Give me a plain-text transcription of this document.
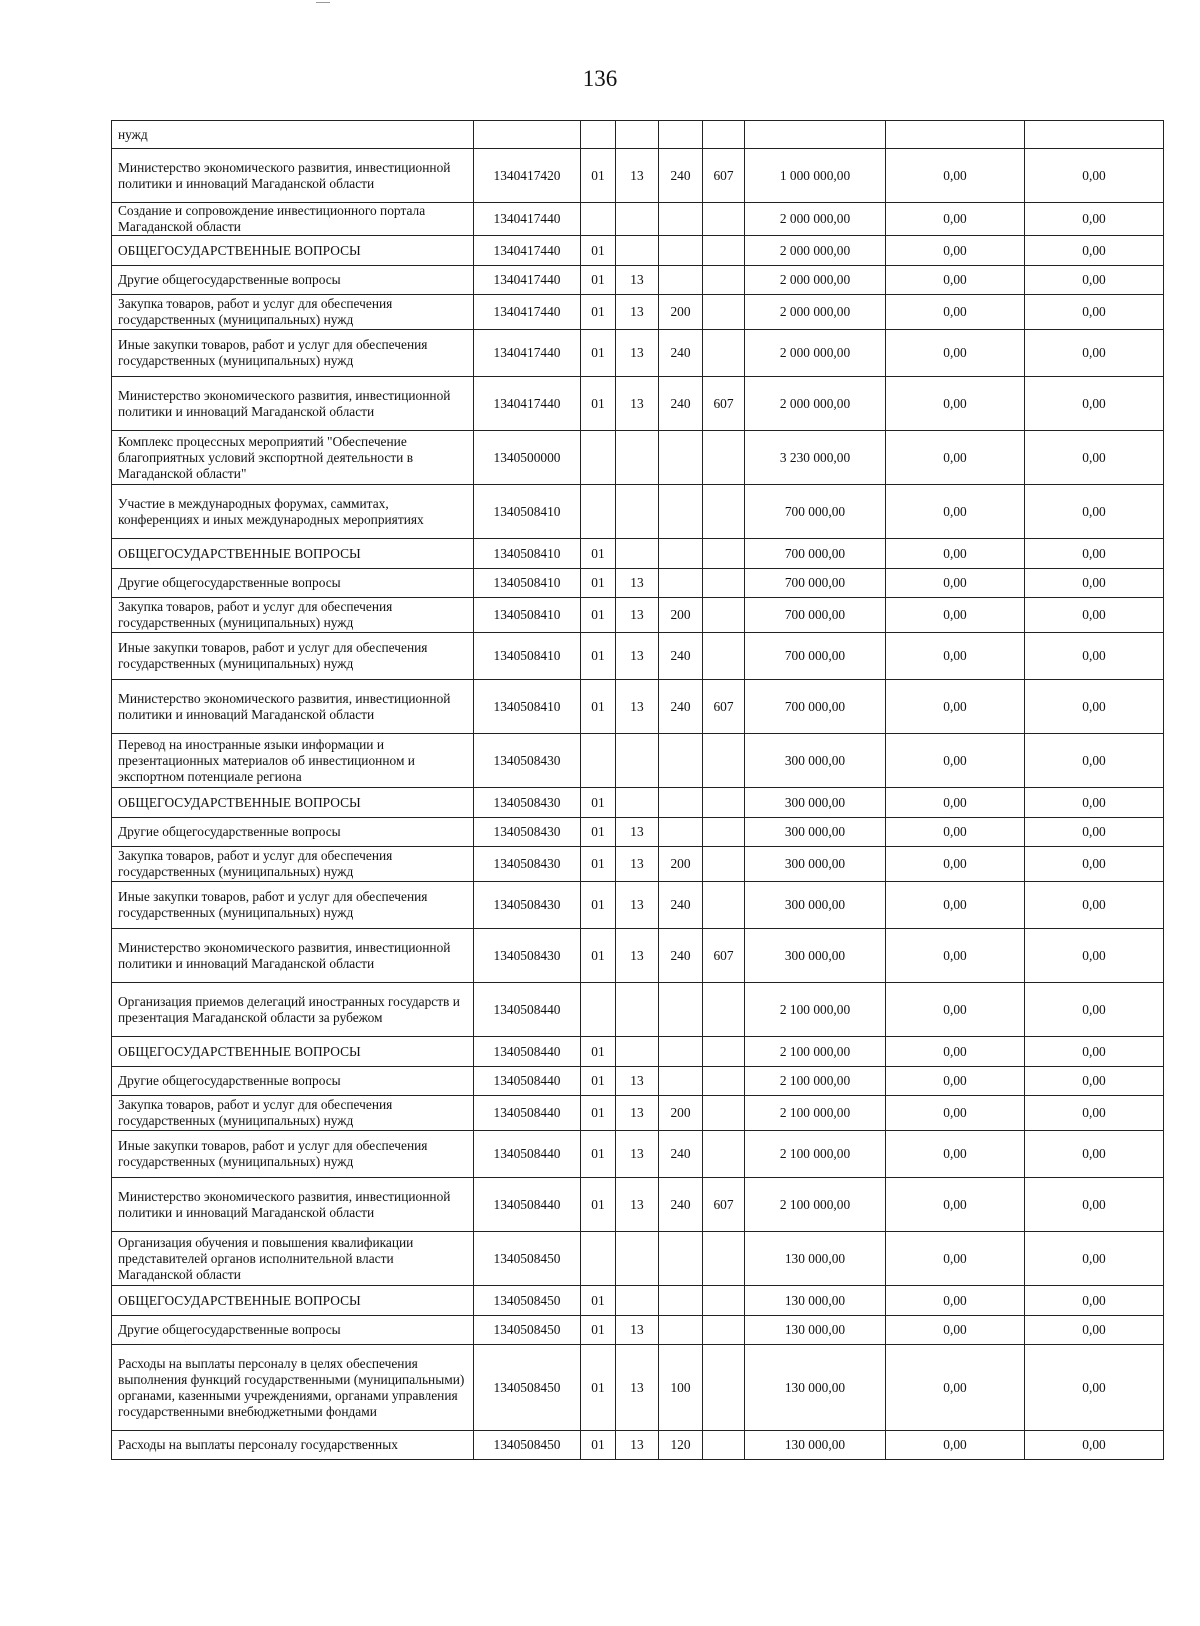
136
нужд								
Министерство экономического развития, инвестиционной политики и инноваций Магаданской области	1340417420	01	13	240	607	1 000 000,00	0,00	0,00
Создание и сопровождение инвестиционного портала Магаданской области	1340417440					2 000 000,00	0,00	0,00
ОБЩЕГОСУДАРСТВЕННЫЕ ВОПРОСЫ	1340417440	01				2 000 000,00	0,00	0,00
Другие общегосударственные вопросы	1340417440	01	13			2 000 000,00	0,00	0,00
Закупка товаров, работ и услуг для обеспечения государственных (муниципальных) нужд	1340417440	01	13	200		2 000 000,00	0,00	0,00
Иные закупки товаров, работ и услуг для обеспечения государственных (муниципальных) нужд	1340417440	01	13	240		2 000 000,00	0,00	0,00
Министерство экономического развития, инвестиционной политики и инноваций Магаданской области	1340417440	01	13	240	607	2 000 000,00	0,00	0,00
Комплекс процессных мероприятий "Обеспечение благоприятных условий экспортной деятельности в Магаданской области"	1340500000					3 230 000,00	0,00	0,00
Участие в международных форумах, саммитах, конференциях и иных международных мероприятиях	1340508410					700 000,00	0,00	0,00
ОБЩЕГОСУДАРСТВЕННЫЕ ВОПРОСЫ	1340508410	01				700 000,00	0,00	0,00
Другие общегосударственные вопросы	1340508410	01	13			700 000,00	0,00	0,00
Закупка товаров, работ и услуг для обеспечения государственных (муниципальных) нужд	1340508410	01	13	200		700 000,00	0,00	0,00
Иные закупки товаров, работ и услуг для обеспечения государственных (муниципальных) нужд	1340508410	01	13	240		700 000,00	0,00	0,00
Министерство экономического развития, инвестиционной политики и инноваций Магаданской области	1340508410	01	13	240	607	700 000,00	0,00	0,00
Перевод на иностранные языки информации и презентационных материалов об инвестиционном и экспортном потенциале региона	1340508430					300 000,00	0,00	0,00
ОБЩЕГОСУДАРСТВЕННЫЕ ВОПРОСЫ	1340508430	01				300 000,00	0,00	0,00
Другие общегосударственные вопросы	1340508430	01	13			300 000,00	0,00	0,00
Закупка товаров, работ и услуг для обеспечения государственных (муниципальных) нужд	1340508430	01	13	200		300 000,00	0,00	0,00
Иные закупки товаров, работ и услуг для обеспечения государственных (муниципальных) нужд	1340508430	01	13	240		300 000,00	0,00	0,00
Министерство экономического развития, инвестиционной политики и инноваций Магаданской области	1340508430	01	13	240	607	300 000,00	0,00	0,00
Организация приемов делегаций иностранных государств и презентация Магаданской области за рубежом	1340508440					2 100 000,00	0,00	0,00
ОБЩЕГОСУДАРСТВЕННЫЕ ВОПРОСЫ	1340508440	01				2 100 000,00	0,00	0,00
Другие общегосударственные вопросы	1340508440	01	13			2 100 000,00	0,00	0,00
Закупка товаров, работ и услуг для обеспечения государственных (муниципальных) нужд	1340508440	01	13	200		2 100 000,00	0,00	0,00
Иные закупки товаров, работ и услуг для обеспечения государственных (муниципальных) нужд	1340508440	01	13	240		2 100 000,00	0,00	0,00
Министерство экономического развития, инвестиционной политики и инноваций Магаданской области	1340508440	01	13	240	607	2 100 000,00	0,00	0,00
Организация обучения и повышения квалификации представителей органов исполнительной власти Магаданской области	1340508450					130 000,00	0,00	0,00
ОБЩЕГОСУДАРСТВЕННЫЕ ВОПРОСЫ	1340508450	01				130 000,00	0,00	0,00
Другие общегосударственные вопросы	1340508450	01	13			130 000,00	0,00	0,00
Расходы на выплаты персоналу в целях обеспечения выполнения функций государственными (муниципальными) органами, казенными учреждениями, органами управления государственными внебюджетными фондами	1340508450	01	13	100		130 000,00	0,00	0,00
Расходы на выплаты персоналу государственных	1340508450	01	13	120		130 000,00	0,00	0,00
